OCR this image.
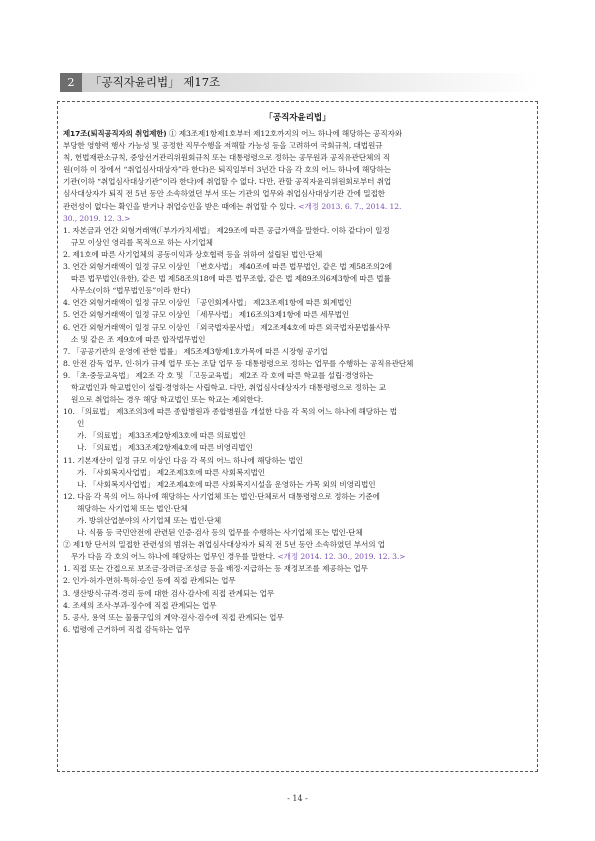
2	「공직자윤리법」 제17조
「공직자윤리법」
제17조(퇴직공직자의 취업제한) ① 제3조제1항제1호부터 제12호까지의 어느 하나에 해당하는 공직자와
부당한 영향력 행사 가능성 및 공정한 직무수행을 저해할 가능성 등을 고려하여 국회규칙, 대법원규
칙, 헌법재판소규칙, 중앙선거관리위원회규칙 또는 대통령령으로 정하는 공무원과 공직유관단체의 직
원(이하 이 장에서 “취업심사대상자”라 한다)은 퇴직일부터 3년간 다음 각 호의 어느 하나에 해당하는
기관(이하 “취업심사대상기관”이라 한다)에 취업할 수 없다. 다만, 관할 공직자윤리위원회로부터 취업
심사대상자가 퇴직 전 5년 동안 소속하였던 부서 또는 기관의 업무와 취업심사대상기관 간에 밀접한
관련성이 없다는 확인을 받거나 취업승인을 받은 때에는 취업할 수 있다. <개정 2013. 6. 7., 2014. 12.
30., 2019. 12. 3.>
1. 자본금과 연간 외형거래액(「부가가치세법」 제29조에 따른 공급가액을 말한다. 이하 같다)이 일정
규모 이상인 영리를 목적으로 하는 사기업체
2. 제1호에 따른 사기업체의 공동이익과 상호협력 등을 위하여 설립된 법인·단체
3. 연간 외형거래액이 일정 규모 이상인 「변호사법」 제40조에 따른 법무법인, 같은 법 제58조의2에
따른 법무법인(유한), 같은 법 제58조의18에 따른 법무조합, 같은 법 제89조의6제3항에 따른 법률
사무소(이하 “법무법인등”이라 한다)
4. 연간 외형거래액이 일정 규모 이상인 「공인회계사법」 제23조제1항에 따른 회계법인
5. 연간 외형거래액이 일정 규모 이상인 「세무사법」 제16조의3제1항에 따른 세무법인
6. 연간 외형거래액이 일정 규모 이상인 「외국법자문사법」 제2조제4호에 따른 외국법자문법률사무
소 및 같은 조 제9호에 따른 합작법무법인
7. 「공공기관의 운영에 관한 법률」 제5조제3항제1호가목에 따른 시장형 공기업
8. 안전 감독 업무, 인·허가 규제 업무 또는 조달 업무 등 대통령령으로 정하는 업무를 수행하는 공직유관단체
9. 「초·중등교육법」 제2조 각 호 및 「고등교육법」 제2조 각 호에 따른 학교를 설립·경영하는
학교법인과 학교법인이 설립·경영하는 사립학교. 다만, 취업심사대상자가 대통령령으로 정하는 교
원으로 취업하는 경우 해당 학교법인 또는 학교는 제외한다.
10. 「의료법」 제3조의3에 따른 종합병원과 종합병원을 개설한 다음 각 목의 어느 하나에 해당하는 법
인
가. 「의료법」 제33조제2항제3호에 따른 의료법인
나. 「의료법」 제33조제2항제4호에 따른 비영리법인
11. 기본재산이 일정 규모 이상인 다음 각 목의 어느 하나에 해당하는 법인
가. 「사회복지사업법」 제2조제3호에 따른 사회복지법인
나. 「사회복지사업법」 제2조제4호에 따른 사회복지시설을 운영하는 가목 외의 비영리법인
12. 다음 각 목의 어느 하나에 해당하는 사기업체 또는 법인·단체로서 대통령령으로 정하는 기준에
해당하는 사기업체 또는 법인·단체
가. 방위산업분야의 사기업체 또는 법인·단체
나. 식품 등 국민안전에 관련된 인증·검사 등의 업무를 수행하는 사기업체 또는 법인·단체
② 제1항 단서의 밀접한 관련성의 범위는 취업심사대상자가 퇴직 전 5년 동안 소속하였던 부서의 업
무가 다음 각 호의 어느 하나에 해당하는 업무인 경우를 말한다. <개정 2014. 12. 30., 2019. 12. 3.>
1. 직접 또는 간접으로 보조금·장려금·조성금 등을 배정·지급하는 등 재정보조를 제공하는 업무
2. 인가·허가·면허·특허·승인 등에 직접 관계되는 업무
3. 생산방식·규격·경리 등에 대한 검사·감사에 직접 관계되는 업무
4. 조세의 조사·부과·징수에 직접 관계되는 업무
5. 공사, 용역 또는 물품구입의 계약·검사·검수에 직접 관계되는 업무
6. 법령에 근거하여 직접 감독하는 업무
- 14 -
